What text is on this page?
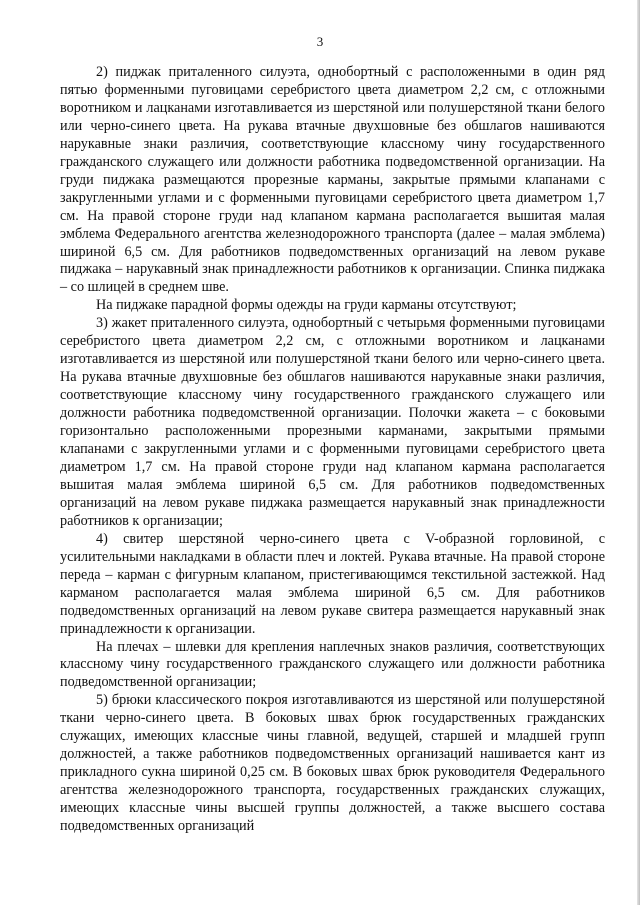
3

2) пиджак приталенного силуэта, однобортный с расположенными в один ряд пятью форменными пуговицами серебристого цвета диаметром 2,2 см, с отложными воротником и лацканами изготавливается из шерстяной или полушерстяной ткани белого или черно-синего цвета. На рукава втачные двухшовные без обшлагов нашиваются нарукавные знаки различия, соответствующие классному чину государственного гражданского служащего или должности работника подведомственной организации. На груди пиджака размещаются прорезные карманы, закрытые прямыми клапанами с закругленными углами и с форменными пуговицами серебристого цвета диаметром 1,7 см. На правой стороне груди над клапаном кармана располагается вышитая малая эмблема Федерального агентства железнодорожного транспорта (далее – малая эмблема) шириной 6,5 см. Для работников подведомственных организаций на левом рукаве пиджака – нарукавный знак принадлежности работников к организации. Спинка пиджака – со шлицей в среднем шве.

На пиджаке парадной формы одежды на груди карманы отсутствуют;

3) жакет приталенного силуэта, однобортный с четырьмя форменными пуговицами серебристого цвета диаметром 2,2 см, с отложными воротником и лацканами изготавливается из шерстяной или полушерстяной ткани белого или черно-синего цвета. На рукава втачные двухшовные без обшлагов нашиваются нарукавные знаки различия, соответствующие классному чину государственного гражданского служащего или должности работника подведомственной организации. Полочки жакета – с боковыми горизонтально расположенными прорезными карманами, закрытыми прямыми клапанами с закругленными углами и с форменными пуговицами серебристого цвета диаметром 1,7 см. На правой стороне груди над клапаном кармана располагается вышитая малая эмблема шириной 6,5 см. Для работников подведомственных организаций на левом рукаве пиджака размещается нарукавный знак принадлежности работников к организации;

4) свитер шерстяной черно-синего цвета с V-образной горловиной, с усилительными накладками в области плеч и локтей. Рукава втачные. На правой стороне переда – карман с фигурным клапаном, пристегивающимся текстильной застежкой. Над карманом располагается малая эмблема шириной 6,5 см. Для работников подведомственных организаций на левом рукаве свитера размещается нарукавный знак принадлежности к организации.

На плечах – шлевки для крепления наплечных знаков различия, соответствующих классному чину государственного гражданского служащего или должности работника подведомственной организации;

5) брюки классического покроя изготавливаются из шерстяной или полушерстяной ткани черно-синего цвета. В боковых швах брюк государственных гражданских служащих, имеющих классные чины главной, ведущей, старшей и младшей групп должностей, а также работников подведомственных организаций нашивается кант из прикладного сукна шириной 0,25 см. В боковых швах брюк руководителя Федерального агентства железнодорожного транспорта, государственных гражданских служащих, имеющих классные чины высшей группы должностей, а также высшего состава подведомственных организаций
